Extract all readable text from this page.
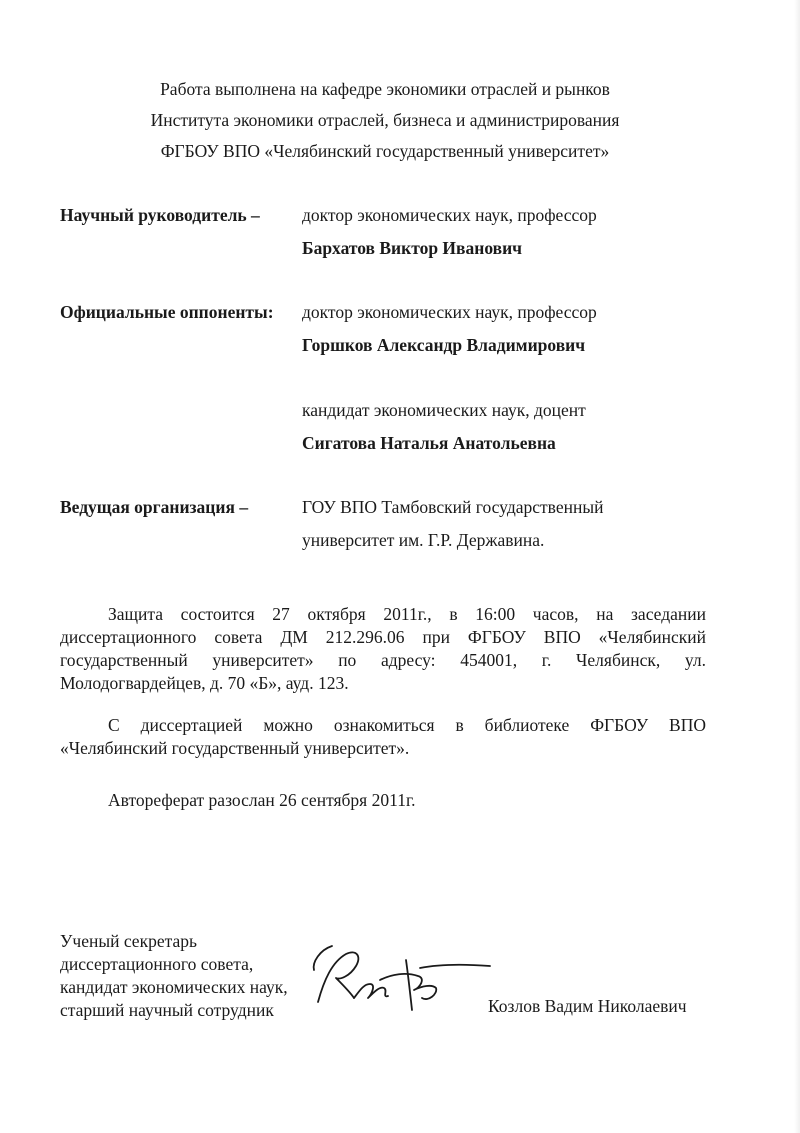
Работа выполнена на кафедре экономики отраслей и рынков
Института экономики отраслей, бизнеса и администрирования
ФГБОУ ВПО «Челябинский государственный университет»
Научный руководитель – доктор экономических наук, профессор
Бархатов Виктор Иванович
Официальные оппоненты: доктор экономических наук, профессор
Горшков Александр Владимирович
кандидат экономических наук, доцент
Сигатова Наталья Анатольевна
Ведущая организация –	ГОУ ВПО Тамбовский государственный
университет им. Г.Р. Державина.
Защита состоится 27 октября 2011г., в 16:00 часов, на заседании
диссертационного совета ДМ 212.296.06 при ФГБОУ ВПО «Челябинский
государственный университет» по адресу: 454001, г. Челябинск, ул.
Молодогвардейцев, д. 70 «Б», ауд. 123.
С диссертацией можно ознакомиться в библиотеке ФГБОУ ВПО
«Челябинский государственный университет».
Автореферат разослан 26 сентября 2011г.
Ученый секретарь
диссертационного совета,
кандидат экономических наук,
старший научный сотрудник	Козлов Вадим Николаевич
